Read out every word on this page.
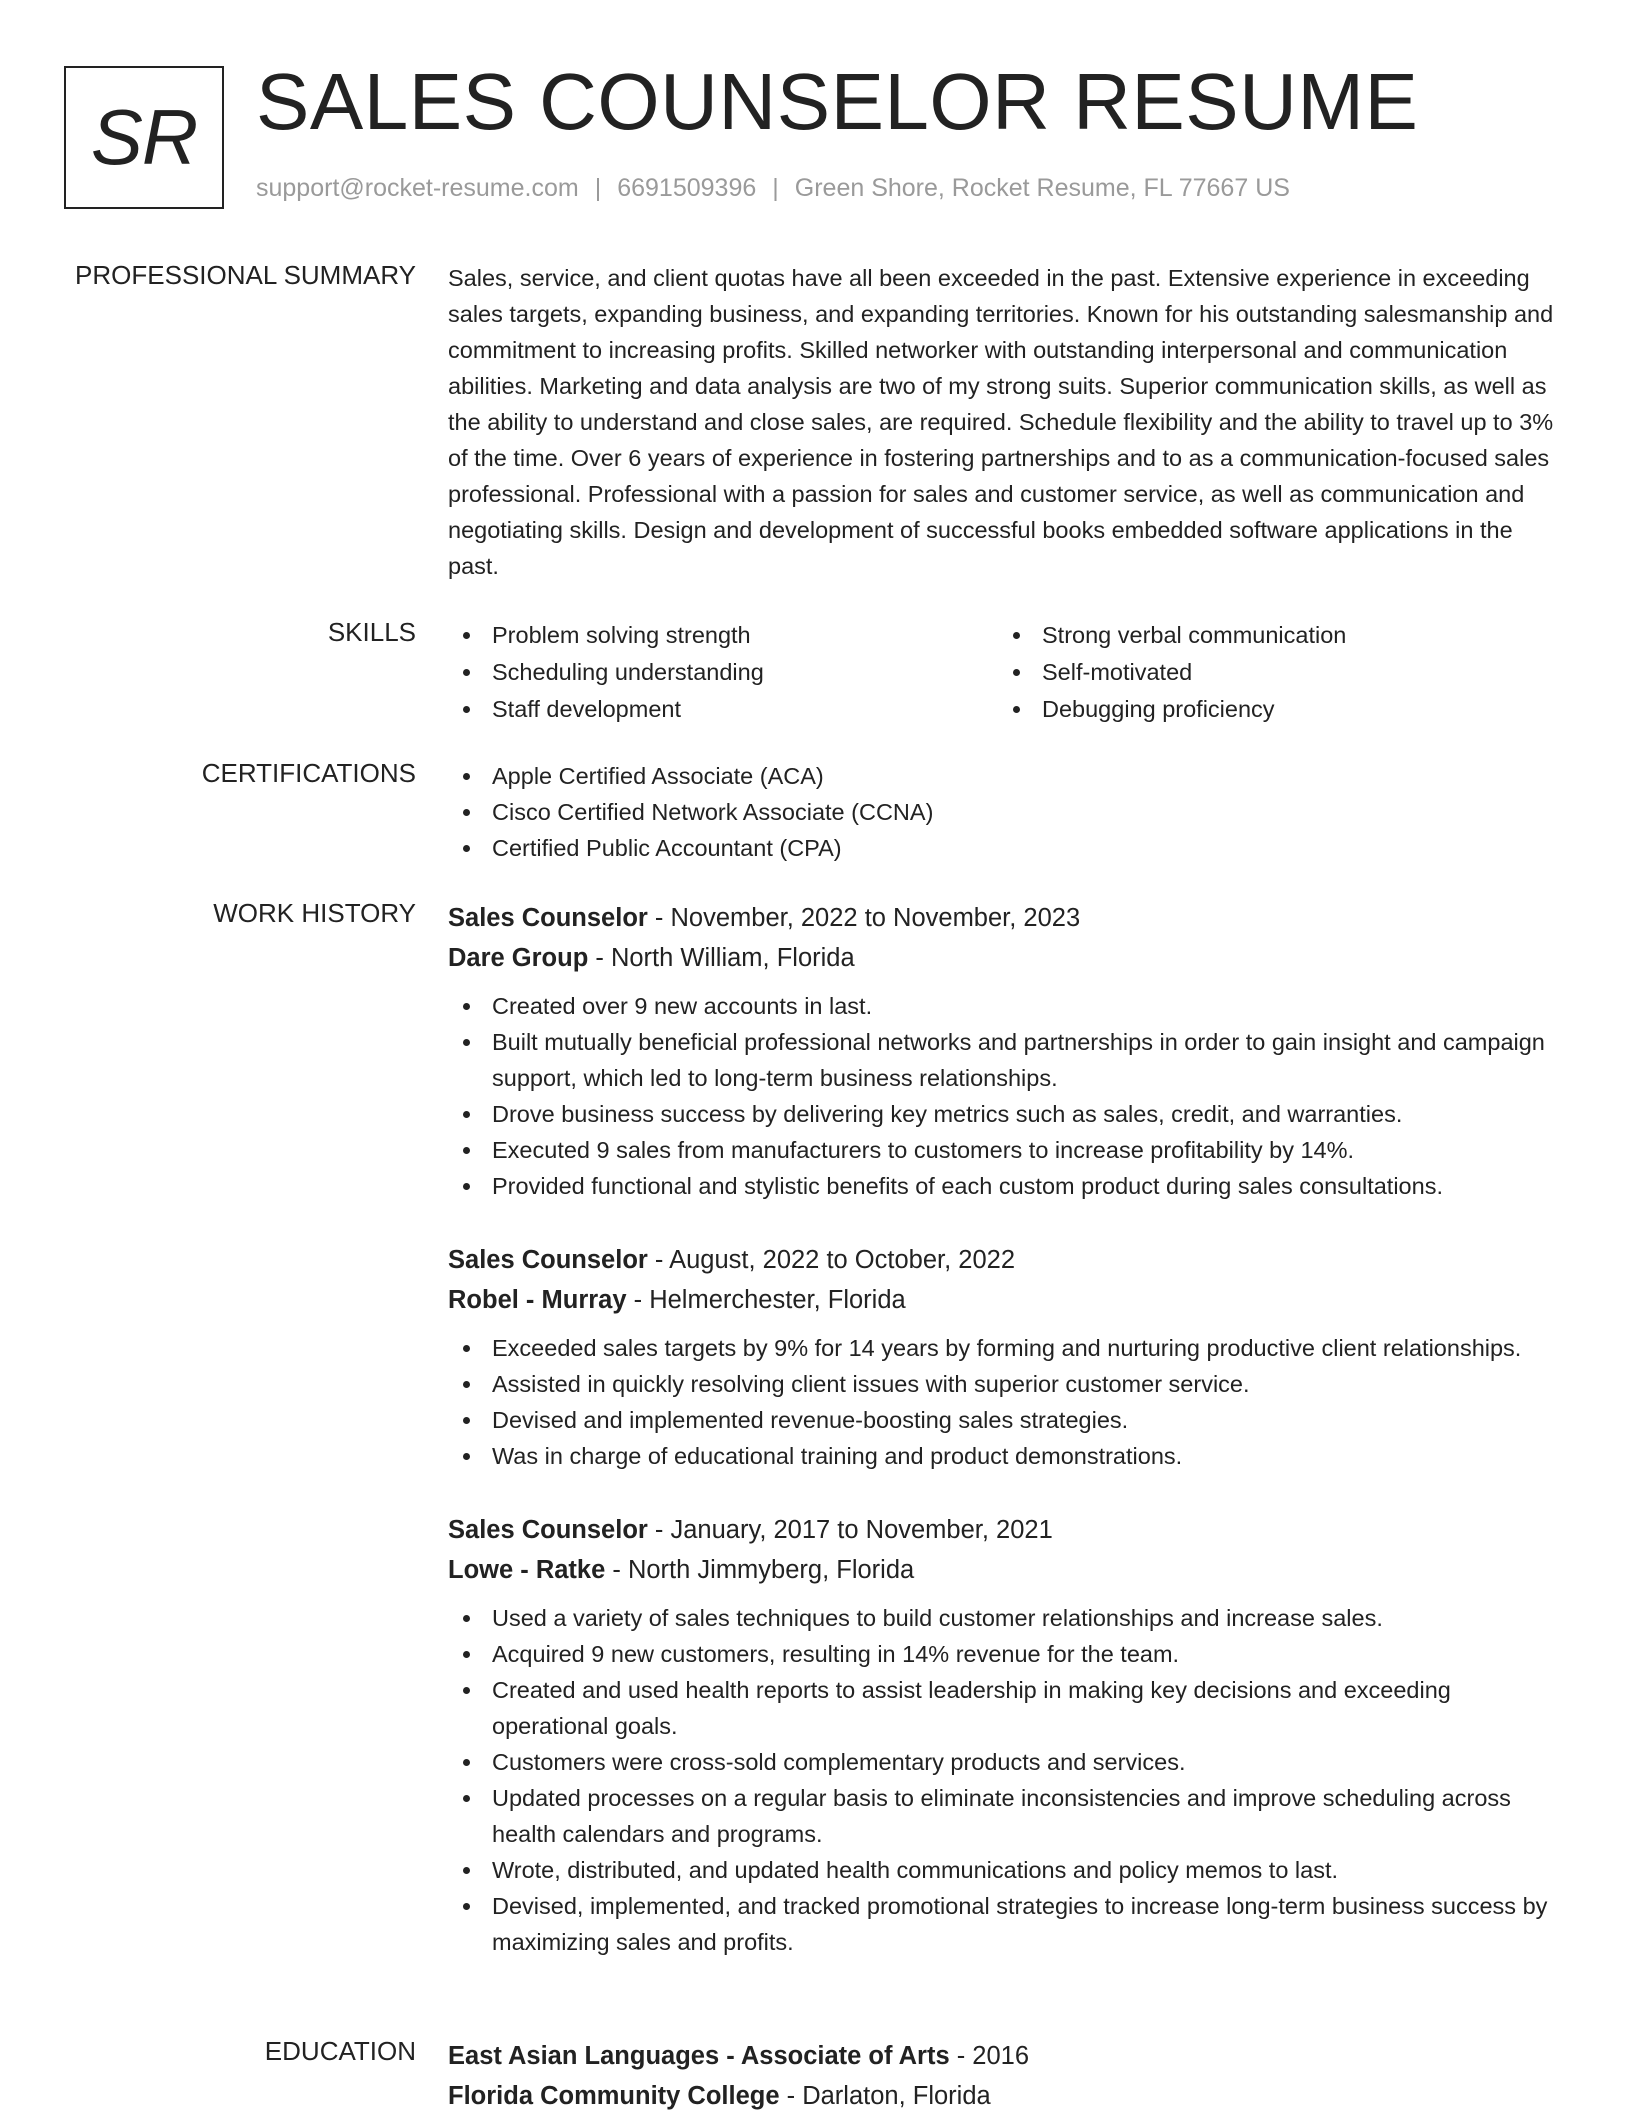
SR SALES COUNSELOR RESUME
support@rocket-resume.com | 6691509396 | Green Shore, Rocket Resume, FL 77667 US
PROFESSIONAL SUMMARY Sales, service, and client quotas have all been exceeded in the past. Extensive experience in exceeding sales targets, expanding business, and expanding territories. Known for his outstanding salesmanship and commitment to increasing profits. Skilled networker with outstanding interpersonal and communication abilities. Marketing and data analysis are two of my strong suits. Superior communication skills, as well as the ability to understand and close sales, are required. Schedule flexibility and the ability to travel up to 3% of the time. Over 6 years of experience in fostering partnerships and to as a communication-focused sales professional. Professional with a passion for sales and customer service, as well as communication and negotiating skills. Design and development of successful books embedded software applications in the past.
SKILLS	Problem solving strength
Scheduling understanding
Staff development
Strong verbal communication
Self-motivated
Debugging proficiency
CERTIFICATIONS	Apple Certified Associate (ACA)
Cisco Certified Network Associate (CCNA)
Certified Public Accountant (CPA)
WORK HISTORY Sales Counselor - November, 2022 to November, 2023
Dare Group - North William, Florida
Created over 9 new accounts in last.
Built mutually beneficial professional networks and partnerships in order to gain insight and campaign support, which led to long-term business relationships.
Drove business success by delivering key metrics such as sales, credit, and warranties.
Executed 9 sales from manufacturers to customers to increase profitability by 14%.
Provided functional and stylistic benefits of each custom product during sales consultations.
Sales Counselor - August, 2022 to October, 2022
Robel - Murray - Helmerchester, Florida
Exceeded sales targets by 9% for 14 years by forming and nurturing productive client relationships.
Assisted in quickly resolving client issues with superior customer service.
Devised and implemented revenue-boosting sales strategies.
Was in charge of educational training and product demonstrations.
Sales Counselor - January, 2017 to November, 2021
Lowe - Ratke - North Jimmyberg, Florida
Used a variety of sales techniques to build customer relationships and increase sales.
Acquired 9 new customers, resulting in 14% revenue for the team.
Created and used health reports to assist leadership in making key decisions and exceeding operational goals.
Customers were cross-sold complementary products and services.
Updated processes on a regular basis to eliminate inconsistencies and improve scheduling across health calendars and programs.
Wrote, distributed, and updated health communications and policy memos to last.
Devised, implemented, and tracked promotional strategies to increase long-term business success by maximizing sales and profits.
EDUCATION East Asian Languages - Associate of Arts - 2016
Florida Community College - Darlaton, Florida
